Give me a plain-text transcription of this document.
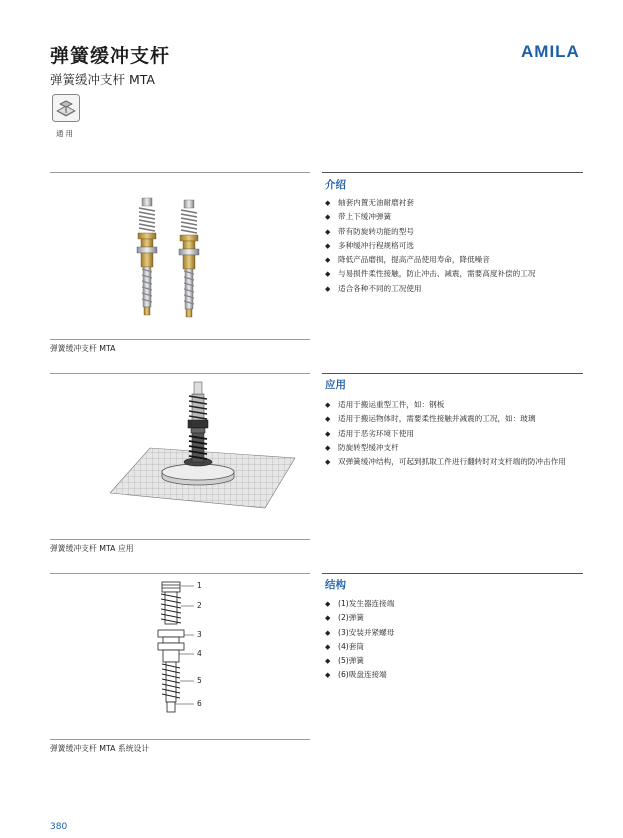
弹簧缓冲支杆
弹簧缓冲支杆 MTA
AMILA
通用
介绍
◆ 轴套内置无油耐磨衬套
◆ 带上下缓冲弹簧
◆ 带有防旋转功能的型号
◆ 多种缓冲行程规格可选
◆ 降低产品磨损，提高产品使用寿命，降低噪音
◆ 与易损件柔性接触，防止冲击、减震，需要高度补偿的工况
◆ 适合各种不同的工况使用
弹簧缓冲支杆 MTA
应用
◆ 适用于搬运重型工件，如：钢板
◆ 适用于搬运物体时，需要柔性接触并减震的工况，如：玻璃
◆ 适用于恶劣环境下使用
◆ 防旋转型缓冲支杆
◆ 双弹簧缓冲结构，可起到抓取工件进行翻转时对支杆端的防冲击作用
弹簧缓冲支杆 MTA 应用
结构
◆ (1)发生器连接端
◆ (2)弹簧
◆ (3)安装并紧螺母
◆ (4)套筒
◆ (5)弹簧
◆ (6)吸盘连接端
1
2
3
4
5
6
弹簧缓冲支杆 MTA 系统设计
380
